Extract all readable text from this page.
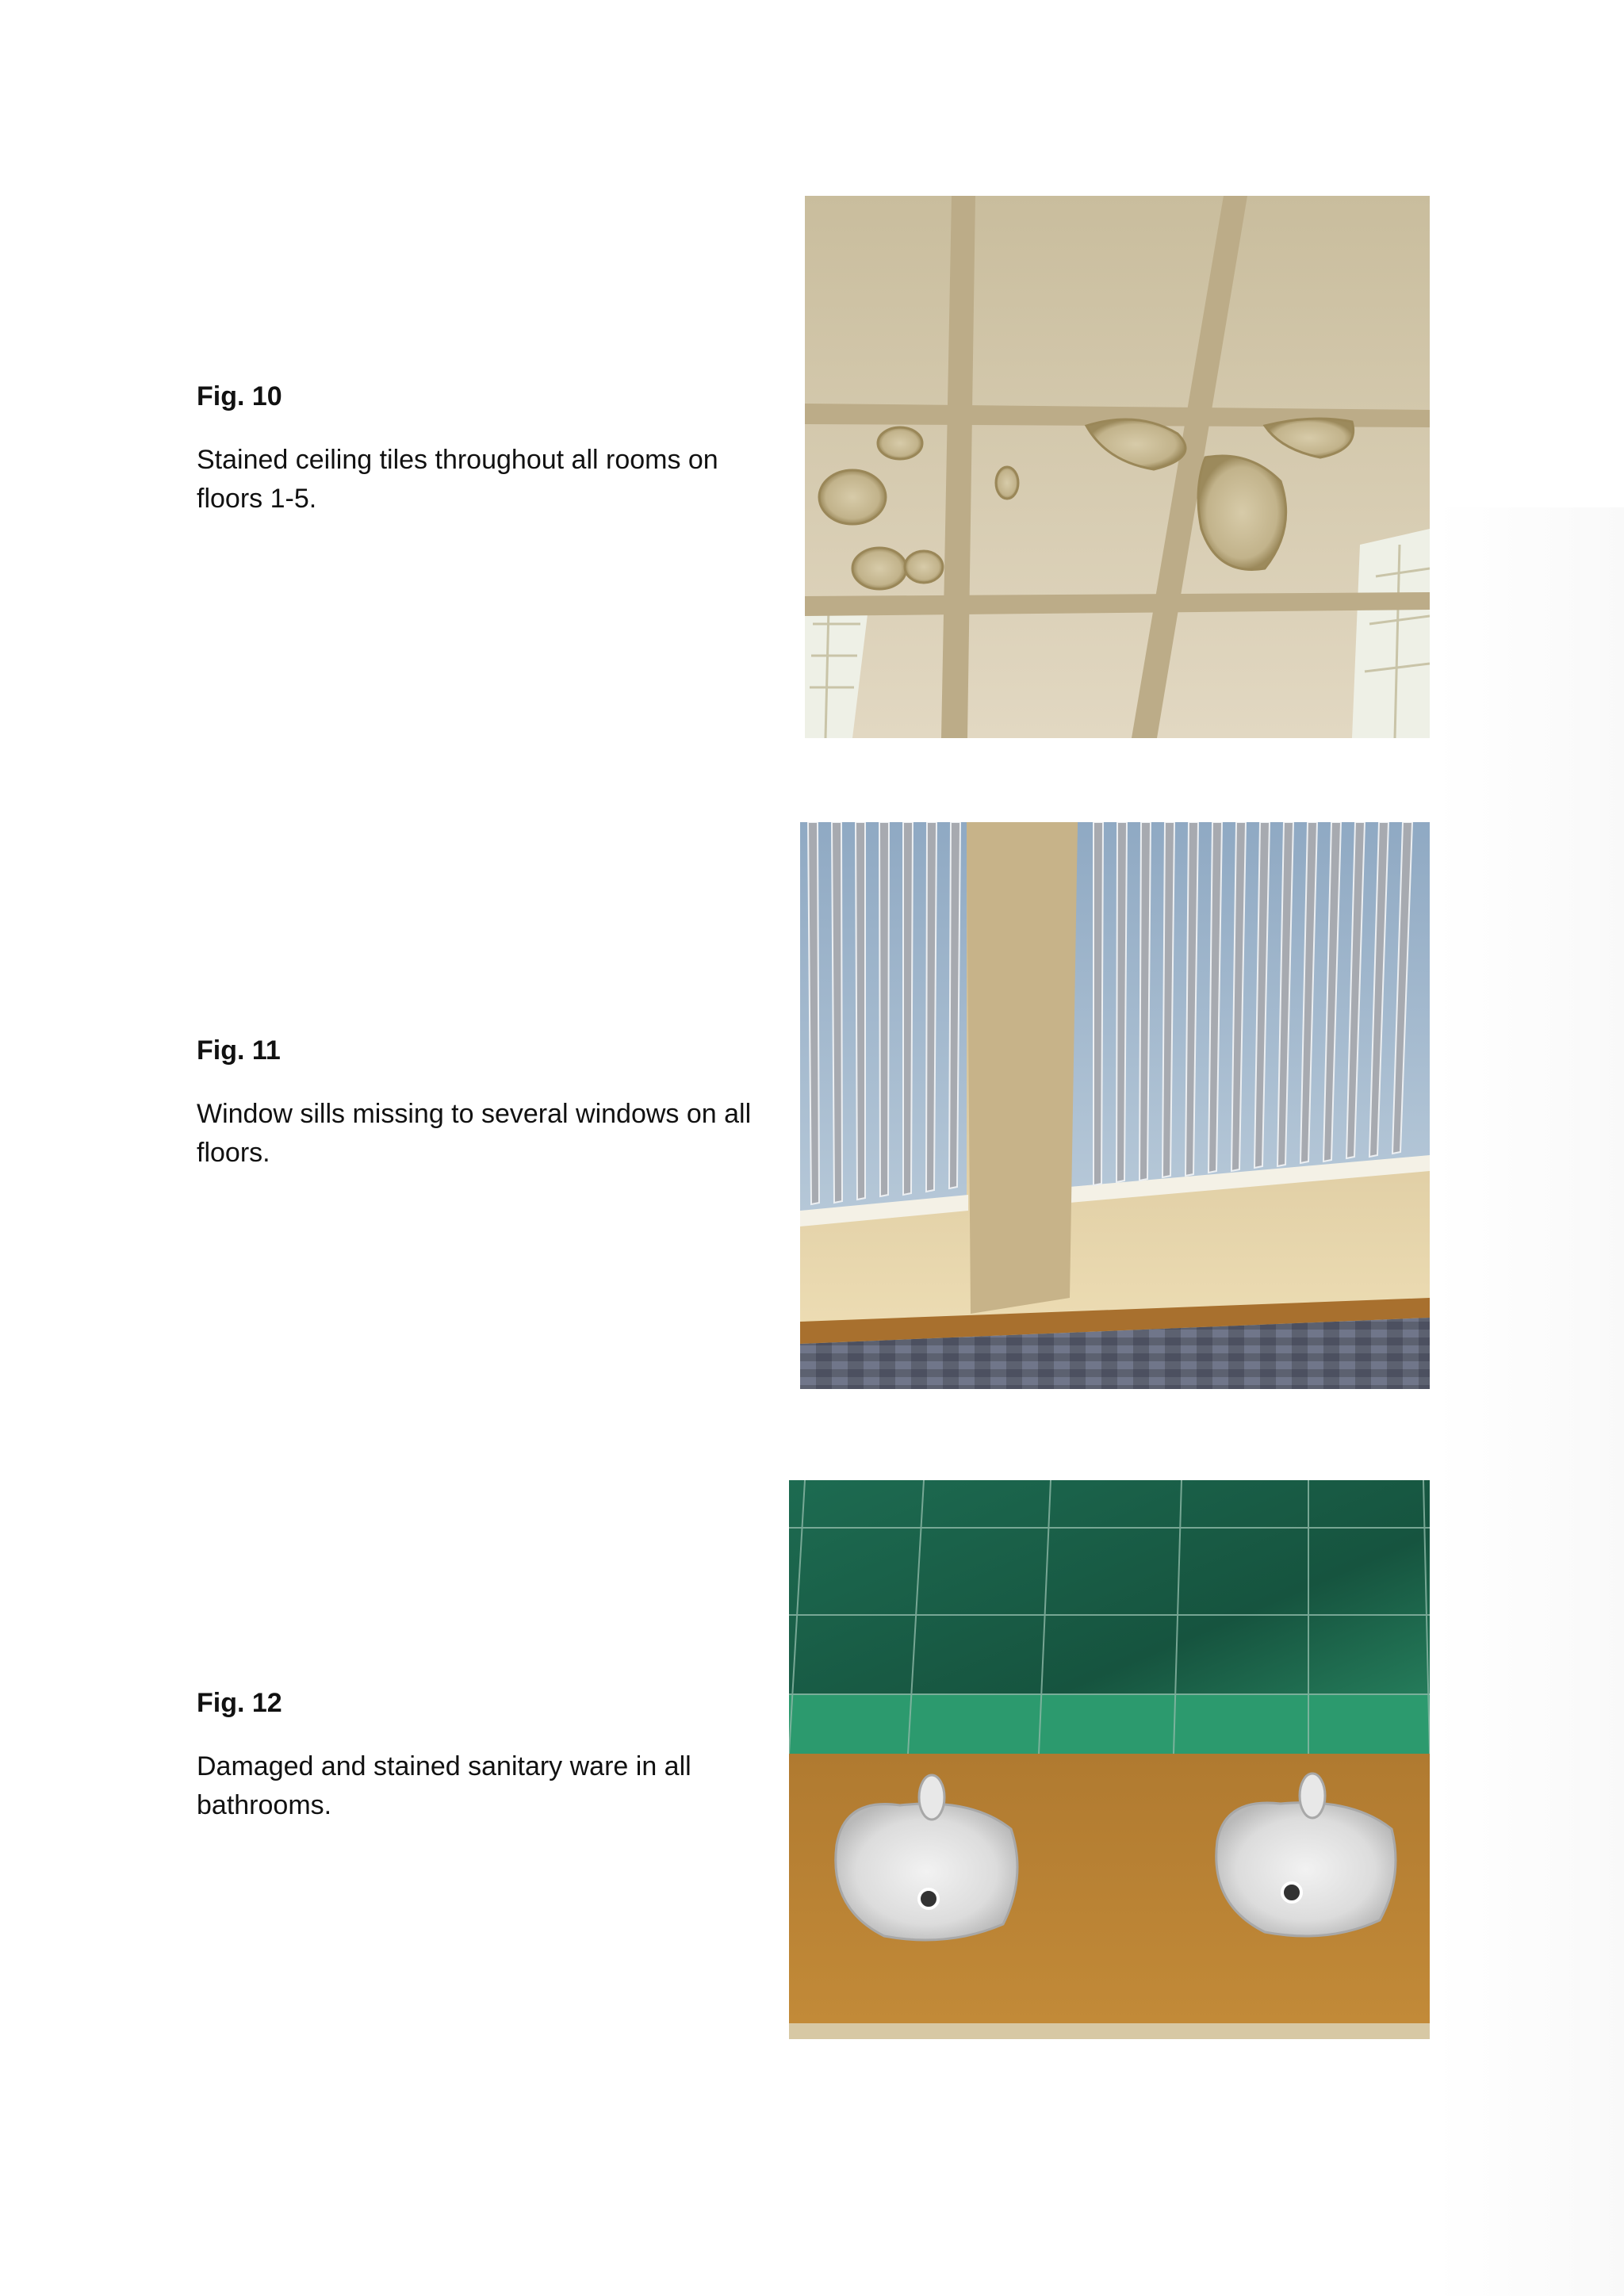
Fig. 10

Stained ceiling tiles throughout all rooms on floors 1-5.

Fig. 11

Window sills missing to several windows on all floors.

Fig. 12

Damaged and stained sanitary ware in all bathrooms.
